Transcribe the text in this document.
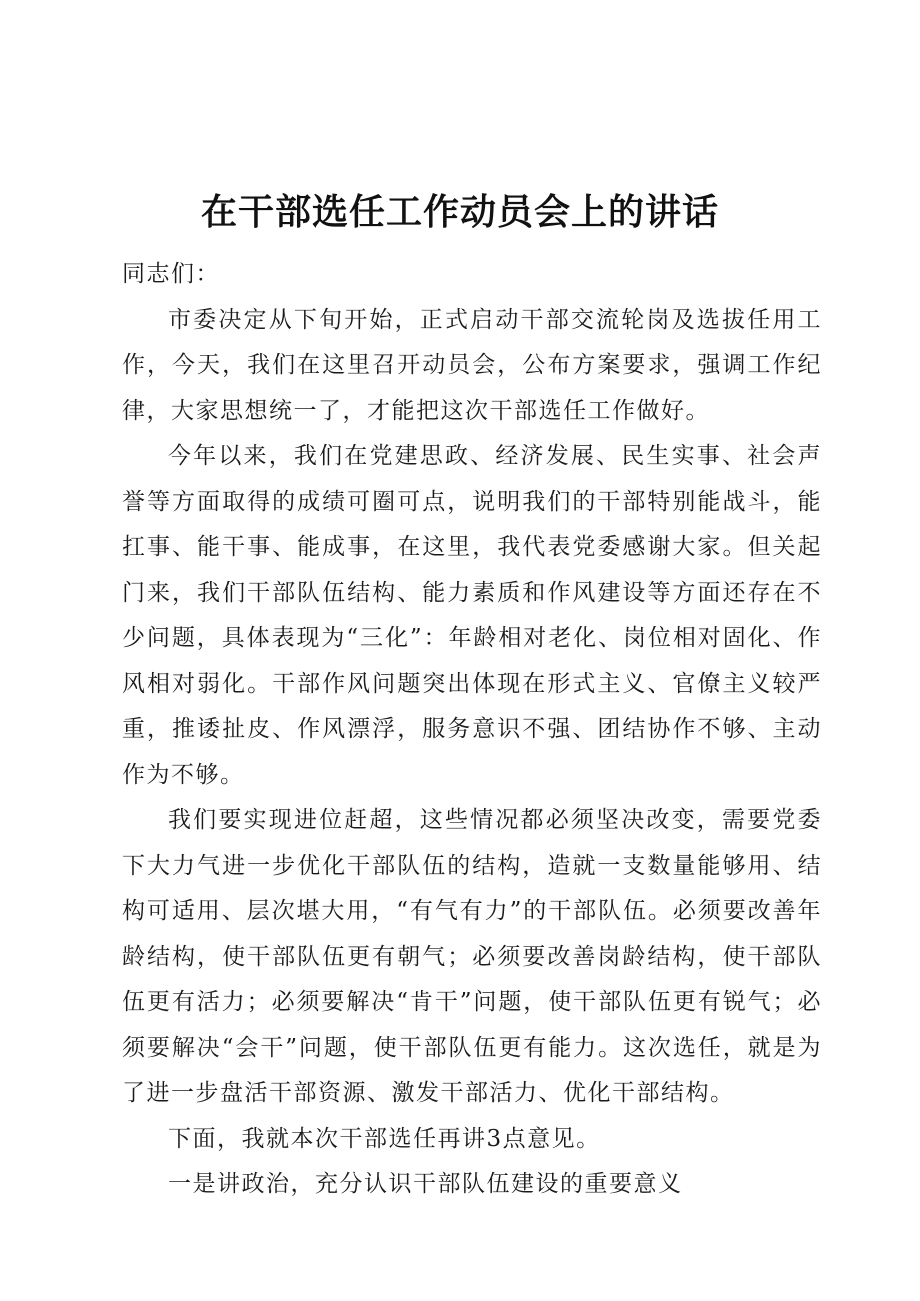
在干部选任工作动员会上的讲话

同志们：

市委决定从下旬开始，正式启动干部交流轮岗及选拔任用工作，今天，我们在这里召开动员会，公布方案要求，强调工作纪律，大家思想统一了，才能把这次干部选任工作做好。

今年以来，我们在党建思政、经济发展、民生实事、社会声誉等方面取得的成绩可圈可点，说明我们的干部特别能战斗，能扛事、能干事、能成事，在这里，我代表党委感谢大家。但关起门来，我们干部队伍结构、能力素质和作风建设等方面还存在不少问题，具体表现为“三化”：年龄相对老化、岗位相对固化、作风相对弱化。干部作风问题突出体现在形式主义、官僚主义较严重，推诿扯皮、作风漂浮，服务意识不强、团结协作不够、主动作为不够。

我们要实现进位赶超，这些情况都必须坚决改变，需要党委下大力气进一步优化干部队伍的结构，造就一支数量能够用、结构可适用、层次堪大用，“有气有力”的干部队伍。必须要改善年龄结构，使干部队伍更有朝气；必须要改善岗龄结构，使干部队伍更有活力；必须要解决“肯干”问题，使干部队伍更有锐气；必须要解决“会干”问题，使干部队伍更有能力。这次选任，就是为了进一步盘活干部资源、激发干部活力、优化干部结构。

下面，我就本次干部选任再讲3点意见。

一是讲政治，充分认识干部队伍建设的重要意义
